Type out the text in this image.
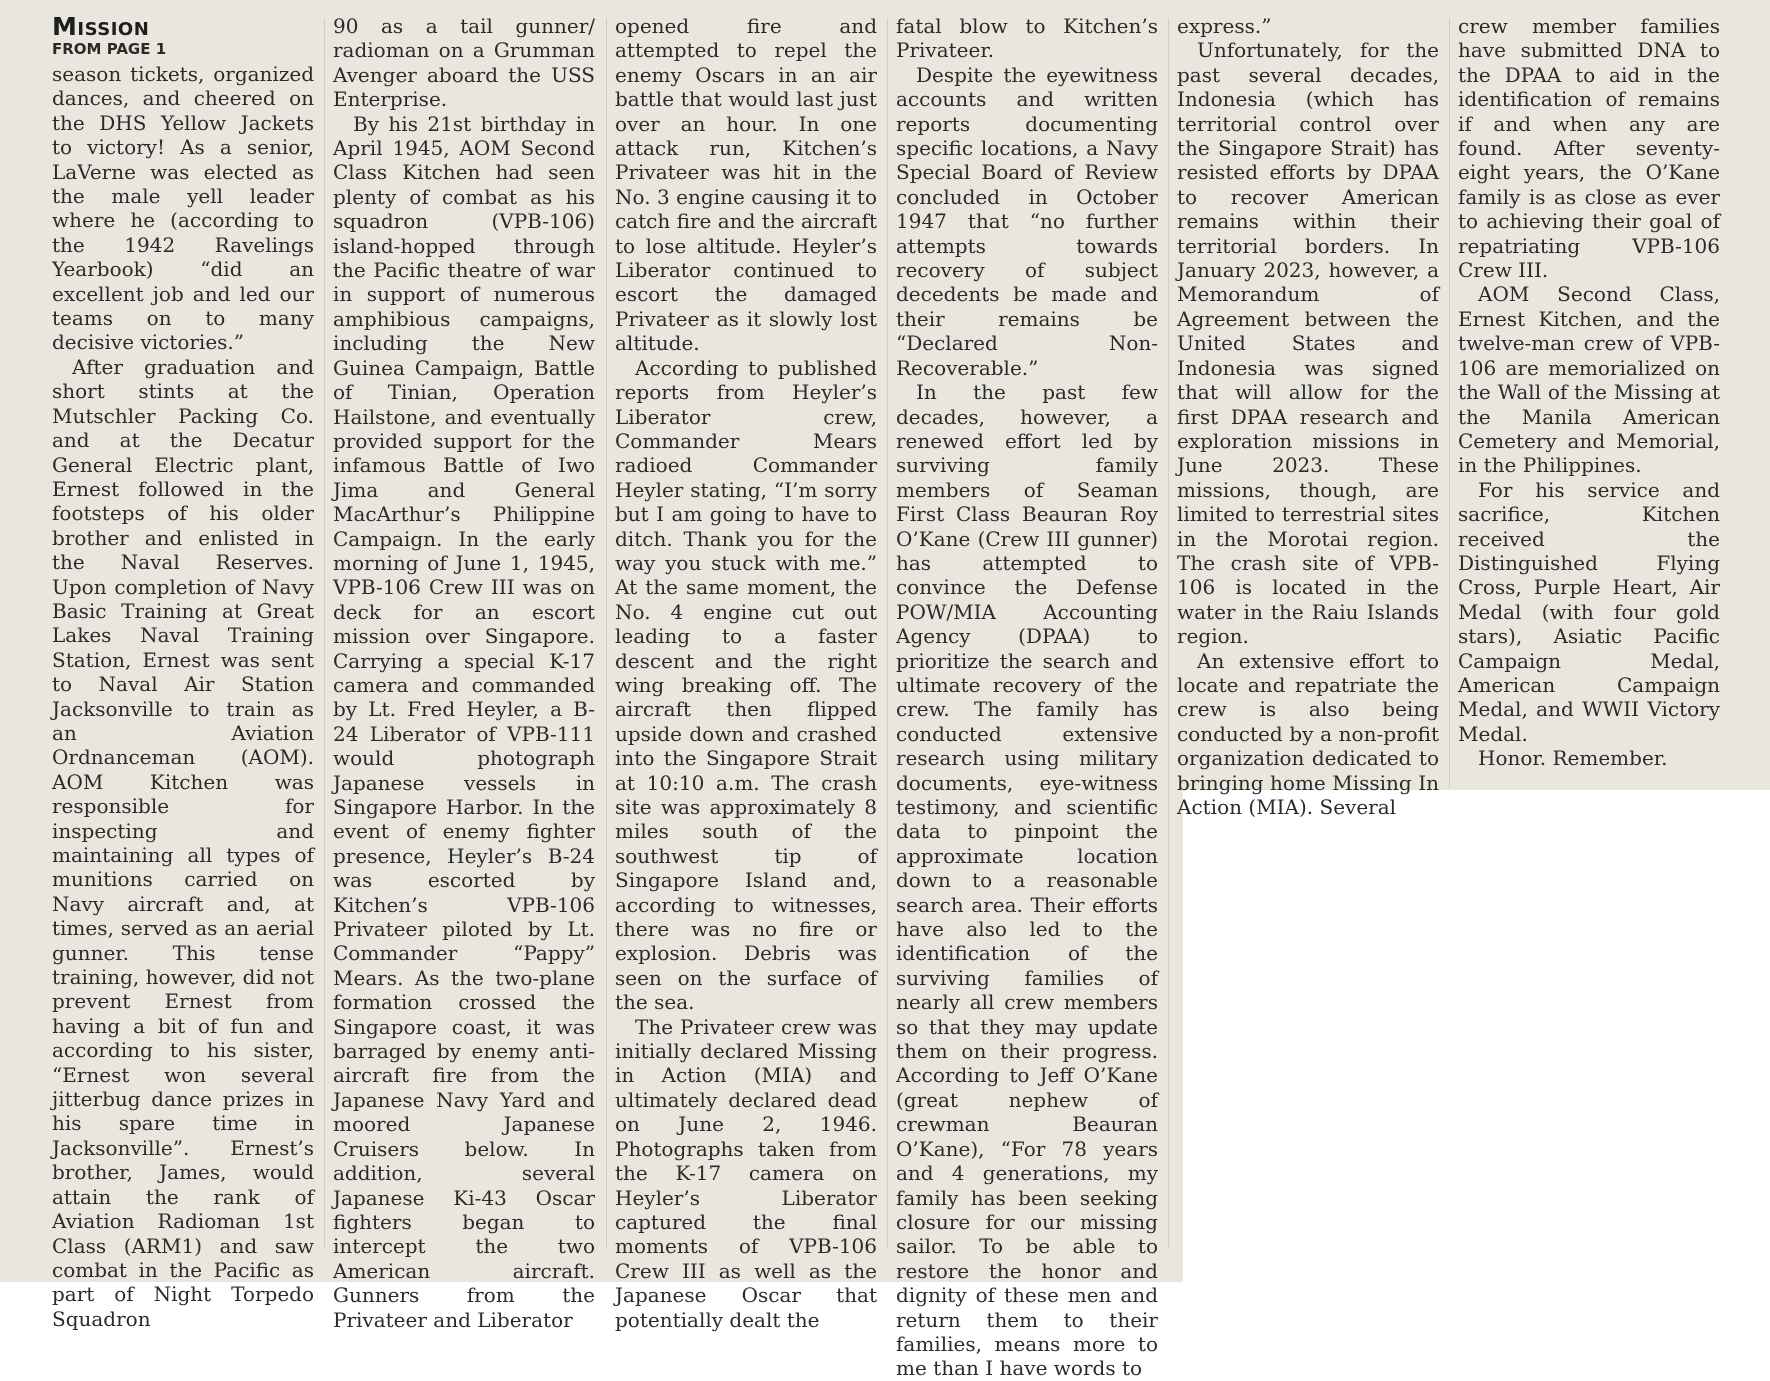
Mission
FROM PAGE 1

season tickets, organized dances, and cheered on the DHS Yellow Jackets to victory! As a senior, LaVerne was elected as the male yell leader where he (according to the 1942 Ravelings Yearbook) “did an excellent job and led our teams on to many decisive victories.”

After graduation and short stints at the Mutschler Packing Co. and at the Decatur General Electric plant, Ernest followed in the footsteps of his older brother and enlisted in the Naval Reserves. Upon completion of Navy Basic Training at Great Lakes Naval Training Station, Ernest was sent to Naval Air Station Jacksonville to train as an Aviation Ordnanceman (AOM). AOM Kitchen was responsible for inspecting and maintaining all types of munitions carried on Navy aircraft and, at times, served as an aerial gunner. This tense training, however, did not prevent Ernest from having a bit of fun and according to his sister, “Ernest won several jitterbug dance prizes in his spare time in Jacksonville”. Ernest’s brother, James, would attain the rank of Aviation Radioman 1st Class (ARM1) and saw combat in the Pacific as part of Night Torpedo Squadron

90 as a tail gunner/ radioman on a Grumman Avenger aboard the USS Enterprise.

By his 21st birthday in April 1945, AOM Second Class Kitchen had seen plenty of combat as his squadron (VPB-106) island-hopped through the Pacific theatre of war in support of numerous amphibious campaigns, including the New Guinea Campaign, Battle of Tinian, Operation Hailstone, and eventually provided support for the infamous Battle of Iwo Jima and General MacArthur’s Philippine Campaign. In the early morning of June 1, 1945, VPB-106 Crew III was on deck for an escort mission over Singapore. Carrying a special K-17 camera and commanded by Lt. Fred Heyler, a B-24 Liberator of VPB-111 would photograph Japanese vessels in Singapore Harbor. In the event of enemy fighter presence, Heyler’s B-24 was escorted by Kitchen’s VPB-106 Privateer piloted by Lt. Commander “Pappy” Mears. As the two-plane formation crossed the Singapore coast, it was barraged by enemy anti-aircraft fire from the Japanese Navy Yard and moored Japanese Cruisers below. In addition, several Japanese Ki-43 Oscar fighters began to intercept the two American aircraft. Gunners from the Privateer and Liberator

opened fire and attempted to repel the enemy Oscars in an air battle that would last just over an hour. In one attack run, Kitchen’s Privateer was hit in the No. 3 engine causing it to catch fire and the aircraft to lose altitude. Heyler’s Liberator continued to escort the damaged Privateer as it slowly lost altitude.

According to published reports from Heyler’s Liberator crew, Commander Mears radioed Commander Heyler stating, “I’m sorry but I am going to have to ditch. Thank you for the way you stuck with me.” At the same moment, the No. 4 engine cut out leading to a faster descent and the right wing breaking off. The aircraft then flipped upside down and crashed into the Singapore Strait at 10:10 a.m. The crash site was approximately 8 miles south of the southwest tip of Singapore Island and, according to witnesses, there was no fire or explosion. Debris was seen on the surface of the sea.

The Privateer crew was initially declared Missing in Action (MIA) and ultimately declared dead on June 2, 1946. Photographs taken from the K-17 camera on Heyler’s Liberator captured the final moments of VPB-106 Crew III as well as the Japanese Oscar that potentially dealt the

fatal blow to Kitchen’s Privateer.

Despite the eyewitness accounts and written reports documenting specific locations, a Navy Special Board of Review concluded in October 1947 that “no further attempts towards recovery of subject decedents be made and their remains be “Declared Non-Recoverable.”

In the past few decades, however, a renewed effort led by surviving family members of Seaman First Class Beauran Roy O’Kane (Crew III gunner) has attempted to convince the Defense POW/MIA Accounting Agency (DPAA) to prioritize the search and ultimate recovery of the crew. The family has conducted extensive research using military documents, eye-witness testimony, and scientific data to pinpoint the approximate location down to a reasonable search area. Their efforts have also led to the identification of the surviving families of nearly all crew members so that they may update them on their progress. According to Jeff O’Kane (great nephew of crewman Beauran O’Kane), “For 78 years and 4 generations, my family has been seeking closure for our missing sailor. To be able to restore the honor and dignity of these men and return them to their families, means more to me than I have words to

express.”

Unfortunately, for the past several decades, Indonesia (which has territorial control over the Singapore Strait) has resisted efforts by DPAA to recover American remains within their territorial borders. In January 2023, however, a Memorandum of Agreement between the United States and Indonesia was signed that will allow for the first DPAA research and exploration missions in June 2023. These missions, though, are limited to terrestrial sites in the Morotai region. The crash site of VPB-106 is located in the water in the Raiu Islands region.

An extensive effort to locate and repatriate the crew is also being conducted by a non-profit organization dedicated to bringing home Missing In Action (MIA). Several

crew member families have submitted DNA to the DPAA to aid in the identification of remains if and when any are found. After seventy-eight years, the O’Kane family is as close as ever to achieving their goal of repatriating VPB-106 Crew III.

AOM Second Class, Ernest Kitchen, and the twelve-man crew of VPB-106 are memorialized on the Wall of the Missing at the Manila American Cemetery and Memorial, in the Philippines.

For his service and sacrifice, Kitchen received the Distinguished Flying Cross, Purple Heart, Air Medal (with four gold stars), Asiatic Pacific Campaign Medal, American Campaign Medal, and WWII Victory Medal.

Honor. Remember.
